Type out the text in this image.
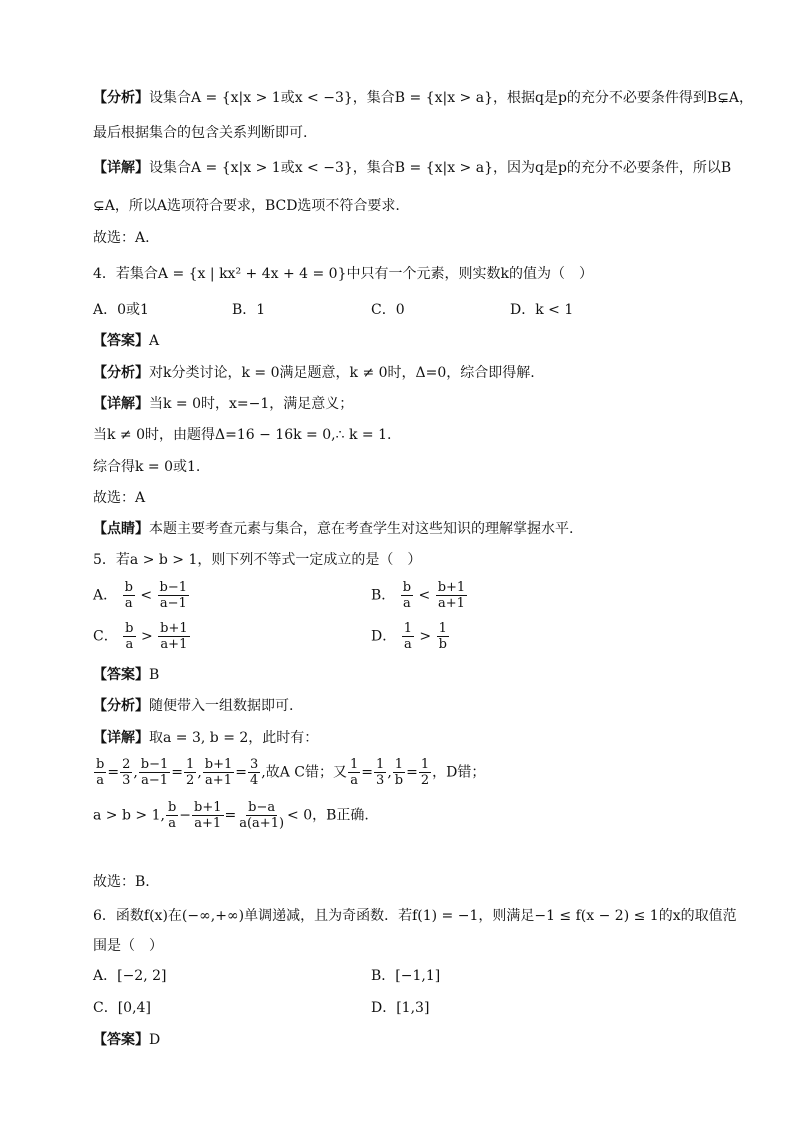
【分析】设集合A = {x|x > 1或x < −3}，集合B = {x|x > a}，根据q是p的充分不必要条件得到B⊊A，
最后根据集合的包含关系判断即可.
【详解】设集合A = {x|x > 1或x < −3}，集合B = {x|x > a}，因为q是p的充分不必要条件，所以B
⊊A，所以A选项符合要求，BCD选项不符合要求.
故选：A.
4．若集合A = {x | kx² + 4x + 4 = 0}中只有一个元素，则实数k的值为（　）
A．0或1	B．1	C．0	D．k < 1
【答案】A
【分析】对k分类讨论，k = 0满足题意，k ≠ 0时，Δ=0，综合即得解.
【详解】当k = 0时，x=−1，满足意义；
当k ≠ 0时，由题得Δ=16 − 16k = 0,∴ k = 1.
综合得k = 0或1.
故选：A
【点睛】本题主要考查元素与集合，意在考查学生对这些知识的理解掌握水平.
5．若a > b > 1，则下列不等式一定成立的是（　）
A． $\frac{b}{a} < \frac{b-1}{a-1}$	B． $\frac{b}{a} < \frac{b+1}{a+1}$
C． $\frac{b}{a} > \frac{b+1}{a+1}$	D． $\frac{1}{a} > \frac{1}{b}$
【答案】B
【分析】随便带入一组数据即可.
【详解】取a = 3, b = 2，此时有：
$\frac{b}{a} = \frac{2}{3}$ , $\frac{b-1}{a-1} = \frac{1}{2}$ , $\frac{b+1}{a+1} = \frac{3}{4}$ ,故A C错；又 $\frac{1}{a} = \frac{1}{3}$ , $\frac{1}{b} = \frac{1}{2}$ ，D错；
a > b > 1, $\frac{b}{a} - \frac{b+1}{a+1} = \frac{b-a}{a(a+1)} < 0$，B正确.
故选：B.
6．函数f(x)在(−∞,+∞)单调递减，且为奇函数．若f(1) = −1，则满足−1 ≤ f(x − 2) ≤ 1的x的取值范
围是（　）
A．[−2, 2]	B．[−1,1]
C．[0,4]	D．[1,3]
【答案】D
